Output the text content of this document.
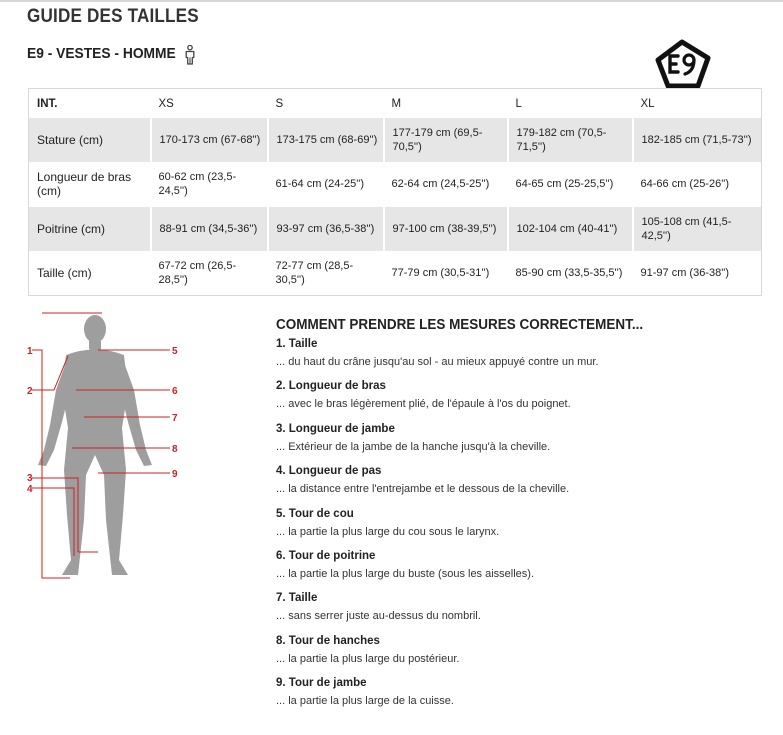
GUIDE DES TAILLES
E9 - VESTES - HOMME
INT.	XS	S	M	L	XL
Stature (cm)	170-173 cm (67-68'')	173-175 cm (68-69'')	177-179 cm (69,5-70,5'')	179-182 cm (70,5-71,5'')	182-185 cm (71,5-73'')
Longueur de bras (cm)	60-62 cm (23,5-24,5'')	61-64 cm (24-25'')	62-64 cm (24,5-25'')	64-65 cm (25-25,5'')	64-66 cm (25-26'')
Poitrine (cm)	88-91 cm (34,5-36'')	93-97 cm (36,5-38'')	97-100 cm (38-39,5'')	102-104 cm (40-41'')	105-108 cm (41,5-42,5'')
Taille (cm)	67-72 cm (26,5-28,5'')	72-77 cm (28,5-30,5'')	77-79 cm (30,5-31'')	85-90 cm (33,5-35,5'')	91-97 cm (36-38'')
1
2
3
4
5
6
7
8
9
COMMENT PRENDRE LES MESURES CORRECTEMENT...
1. Taille
... du haut du crâne jusqu'au sol - au mieux appuyé contre un mur.
2. Longueur de bras
... avec le bras légèrement plié, de l'épaule à l'os du poignet.
3. Longueur de jambe
... Extérieur de la jambe de la hanche jusqu'à la cheville.
4. Longueur de pas
... la distance entre l'entrejambe et le dessous de la cheville.
5. Tour de cou
... la partie la plus large du cou sous le larynx.
6. Tour de poitrine
... la partie la plus large du buste (sous les aisselles).
7. Taille
... sans serrer juste au-dessus du nombril.
8. Tour de hanches
... la partie la plus large du postérieur.
9. Tour de jambe
... la partie la plus large de la cuisse.
